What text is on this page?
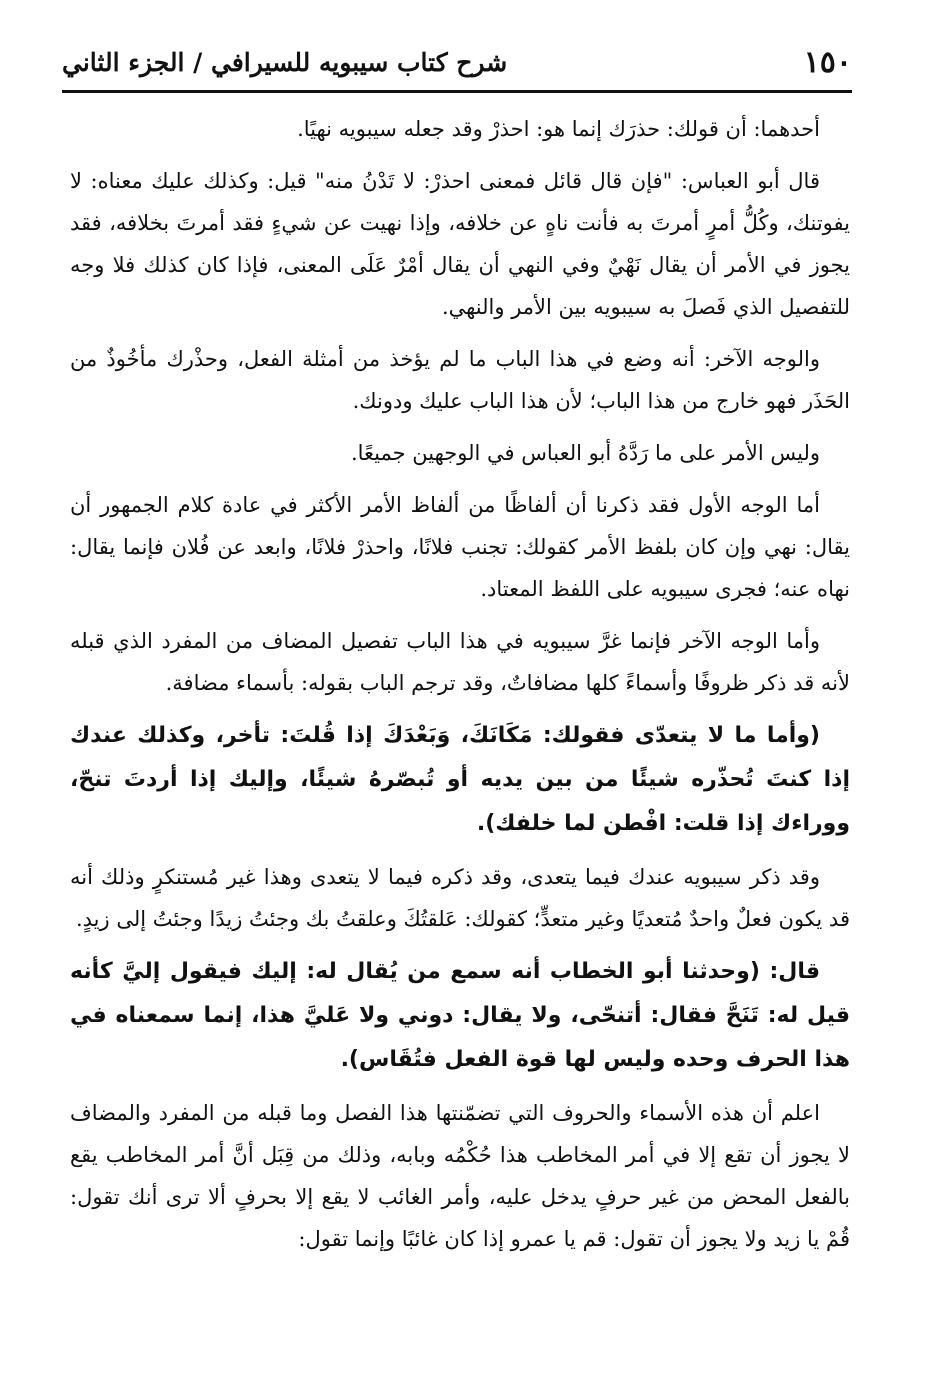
١٥٠
شرح كتاب سيبويه للسيرافي / الجزء الثاني

أحدهما: أن قولك: حذرَك إنما هو: احذرْ وقد جعله سيبويه نهيًا.

قال أبو العباس: "فإن قال قائل فمعنى احذرْ: لا تَدْنُ منه" قيل: وكذلك عليك معناه: لا يفوتنك، وكُلُّ أمرٍ أمرتَ به فأنت ناهٍ عن خلافه، وإذا نهيت عن شيءٍ فقد أمرتَ بخلافه، فقد يجوز في الأمر أن يقال نَهْيٌ وفي النهي أن يقال أمْرٌ عَلَى المعنى، فإذا كان كذلك فلا وجه للتفصيل الذي فَصلَ به سيبويه بين الأمر والنهي.

والوجه الآخر: أنه وضع في هذا الباب ما لم يؤخذ من أمثلة الفعل، وحذْرك مأخُوذٌ من الحَذَر فهو خارج من هذا الباب؛ لأن هذا الباب عليك ودونك.

وليس الأمر على ما رَدَّهُ أبو العباس في الوجهين جميعًا.

أما الوجه الأول فقد ذكرنا أن ألفاظًا من ألفاظ الأمر الأكثر في عادة كلام الجمهور أن يقال: نهي وإن كان بلفظ الأمر كقولك: تجنب فلانًا، واحذرْ فلانًا، وابعد عن فُلان فإنما يقال: نهاه عنه؛ فجرى سيبويه على اللفظ المعتاد.

وأما الوجه الآخر فإنما غرَّ سيبويه في هذا الباب تفصيل المضاف من المفرد الذي قبله لأنه قد ذكر ظروفًا وأسماءً كلها مضافاتٌ، وقد ترجم الباب بقوله: بأسماء مضافة.

(وأما ما لا يتعدّى فقولك: مَكَانَكَ، وَبَعْدَكَ إذا قُلتَ: تأخر، وكذلك عندك إذا كنتَ تُحذّره شيئًا من بين يديه أو تُبصّرهُ شيئًا، وإليك إذا أردتَ تنحّ، ووراءك إذا قلت: افْطن لما خلفك).

وقد ذكر سيبويه عندك فيما يتعدى، وقد ذكره فيما لا يتعدى وهذا غير مُستنكرٍ وذلك أنه قد يكون فعلٌ واحدٌ مُتعديًا وغير متعدٍّ؛ كقولك: عَلقتُكَ وعلقتُ بك وجئتُ زيدًا وجئتُ إلى زيدٍ.

قال: (وحدثنا أبو الخطاب أنه سمع من يُقال له: إليك فيقول إليَّ كأنه قيل له: تَنَحَّ فقال: أتنحّى، ولا يقال: دوني ولا عَليَّ هذا، إنما سمعناه في هذا الحرف وحده وليس لها قوة الفعل فتُقَاس).

اعلم أن هذه الأسماء والحروف التي تضمّنتها هذا الفصل وما قبله من المفرد والمضاف لا يجوز أن تقع إلا في أمر المخاطب هذا حُكْمُه وبابه، وذلك من قِبَل أنَّ أمر المخاطب يقع بالفعل المحض من غير حرفٍ يدخل عليه، وأمر الغائب لا يقع إلا بحرفٍ ألا ترى أنك تقول: قُمْ يا زيد ولا يجوز أن تقول: قم يا عمرو إذا كان غائبًا وإنما تقول:
